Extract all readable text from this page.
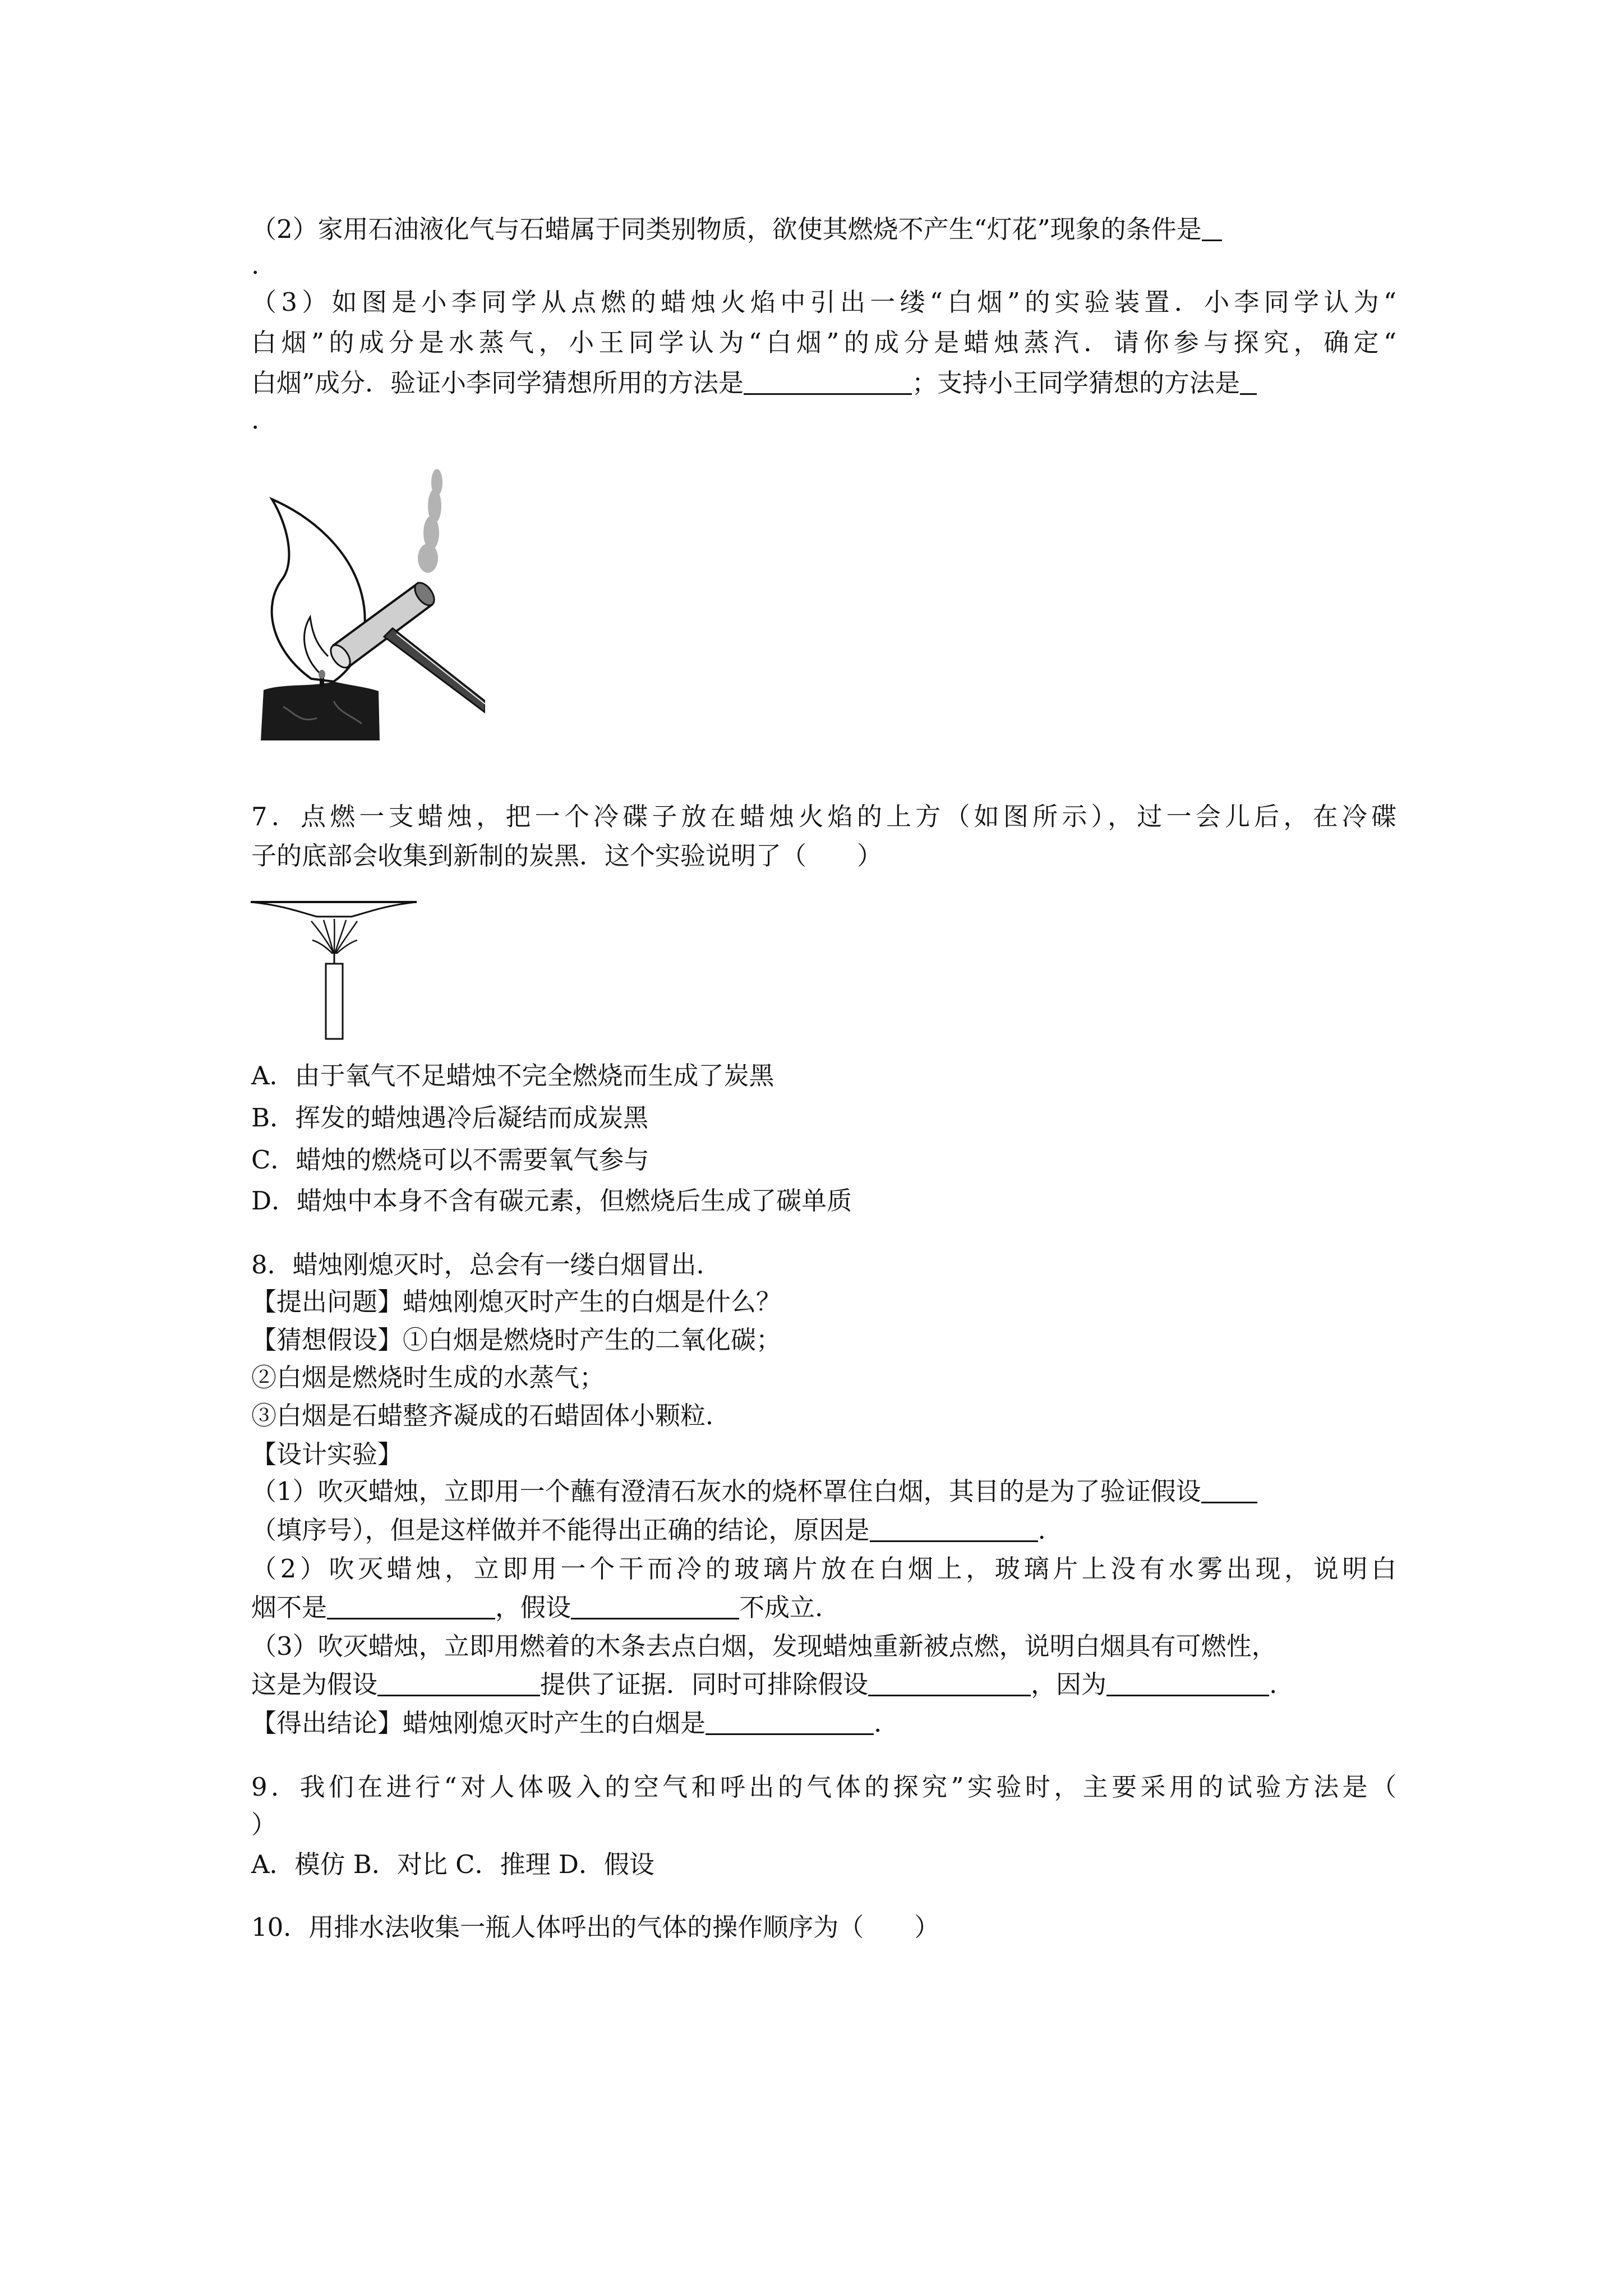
（2）家用石油液化气与石蜡属于同类别物质，欲使其燃烧不产生“灯花”现象的条件是
.
（3）如图是小李同学从点燃的蜡烛火焰中引出一缕“白烟”的实验装置．小李同学认为“
白烟”的成分是水蒸气，小王同学认为“白烟”的成分是蜡烛蒸汽．请你参与探究，确定“
白烟”成分．验证小李同学猜想所用的方法是	；支持小王同学猜想的方法是
.
7．点燃一支蜡烛，把一个冷碟子放在蜡烛火焰的上方（如图所示），过一会儿后，在冷碟
子的底部会收集到新制的炭黑．这个实验说明了（　　）
A．由于氧气不足蜡烛不完全燃烧而生成了炭黑
B．挥发的蜡烛遇冷后凝结而成炭黑
C．蜡烛的燃烧可以不需要氧气参与
D．蜡烛中本身不含有碳元素，但燃烧后生成了碳单质
8．蜡烛刚熄灭时，总会有一缕白烟冒出．
【提出问题】蜡烛刚熄灭时产生的白烟是什么？
【猜想假设】①白烟是燃烧时产生的二氧化碳；
②白烟是燃烧时生成的水蒸气；
③白烟是石蜡整齐凝成的石蜡固体小颗粒．
【设计实验】
（1）吹灭蜡烛，立即用一个蘸有澄清石灰水的烧杯罩住白烟，其目的是为了验证假设
（填序号），但是这样做并不能得出正确的结论，原因是	.
（2）吹灭蜡烛，立即用一个干而冷的玻璃片放在白烟上，玻璃片上没有水雾出现，说明白
烟不是	，假设	不成立.
（3）吹灭蜡烛，立即用燃着的木条去点白烟，发现蜡烛重新被点燃，说明白烟具有可燃性，
这是为假设	提供了证据．同时可排除假设	，因为	.
【得出结论】蜡烛刚熄灭时产生的白烟是	.
9．我们在进行“对人体吸入的空气和呼出的气体的探究”实验时，主要采用的试验方法是（
）
A．模仿 B．对比 C．推理 D．假设
10．用排水法收集一瓶人体呼出的气体的操作顺序为（　　）
